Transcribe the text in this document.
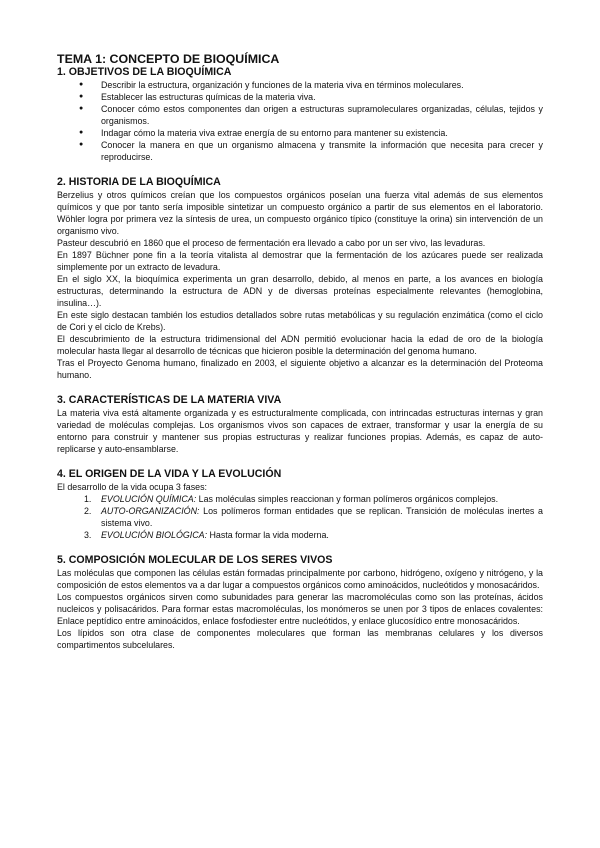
TEMA 1: CONCEPTO DE BIOQUÍMICA
1. OBJETIVOS DE LA BIOQUÍMICA
● Describir la estructura, organización y funciones de la materia viva en términos moleculares.
● Establecer las estructuras químicas de la materia viva.
● Conocer cómo estos componentes dan origen a estructuras supramoleculares organizadas, células, tejidos y organismos.
● Indagar cómo la materia viva extrae energía de su entorno para mantener su existencia.
● Conocer la manera en que un organismo almacena y transmite la información que necesita para crecer y reproducirse.
2. HISTORIA DE LA BIOQUÍMICA

Berzelius y otros químicos creían que los compuestos orgánicos poseían una fuerza vital además de sus elementos químicos y que por tanto sería imposible sintetizar un compuesto orgánico a partir de sus elementos en el laboratorio. Wöhler logra por primera vez la síntesis de urea, un compuesto orgánico típico (constituye la orina) sin intervención de un organismo vivo.

Pasteur descubrió en 1860 que el proceso de fermentación era llevado a cabo por un ser vivo, las levaduras.

En 1897 Büchner pone fin a la teoría vitalista al demostrar que la fermentación de los azúcares puede ser realizada simplemente por un extracto de levadura.

En el siglo XX, la bioquímica experimenta un gran desarrollo, debido, al menos en parte, a los avances en biología estructuras, determinando la estructura de ADN y de diversas proteínas especialmente relevantes (hemoglobina, insulina…).

En este siglo destacan también los estudios detallados sobre rutas metabólicas y su regulación enzimática (como el ciclo de Cori y el ciclo de Krebs).

El descubrimiento de la estructura tridimensional del ADN permitió evolucionar hacia la edad de oro de la biología molecular hasta llegar al desarrollo de técnicas que hicieron posible la determinación del genoma humano.

Tras el Proyecto Genoma humano, finalizado en 2003, el siguiente objetivo a alcanzar es la determinación del Proteoma humano.

3. CARACTERÍSTICAS DE LA MATERIA VIVA

La materia viva está altamente organizada y es estructuralmente complicada, con intrincadas estructuras internas y gran variedad de moléculas complejas. Los organismos vivos son capaces de extraer, transformar y usar la energía de su entorno para construir y mantener sus propias estructuras y realizar funciones propias. Además, es capaz de auto-replicarse y auto-ensamblarse.

4. EL ORIGEN DE LA VIDA Y LA EVOLUCIÓN

El desarrollo de la vida ocupa 3 fases:

1. EVOLUCIÓN QUÍMICA: Las moléculas simples reaccionan y forman polímeros orgánicos complejos.
2. AUTO-ORGANIZACIÓN: Los polímeros forman entidades que se replican. Transición de moléculas inertes a sistema vivo.
3. EVOLUCIÓN BIOLÓGICA: Hasta formar la vida moderna.
5. COMPOSICIÓN MOLECULAR DE LOS SERES VIVOS

Las moléculas que componen las células están formadas principalmente por carbono, hidrógeno, oxígeno y nitrógeno, y la composición de estos elementos va a dar lugar a compuestos orgánicos como aminoácidos, nucleótidos y monosacáridos.

Los compuestos orgánicos sirven como subunidades para generar las macromoléculas como son las proteínas, ácidos nucleicos y polisacáridos. Para formar estas macromoléculas, los monómeros se unen por 3 tipos de enlaces covalentes: Enlace peptídico entre aminoácidos, enlace fosfodiester entre nucleótidos, y enlace glucosídico entre monosacáridos.

Los lípidos son otra clase de componentes moleculares que forman las membranas celulares y los diversos compartimentos subcelulares.
